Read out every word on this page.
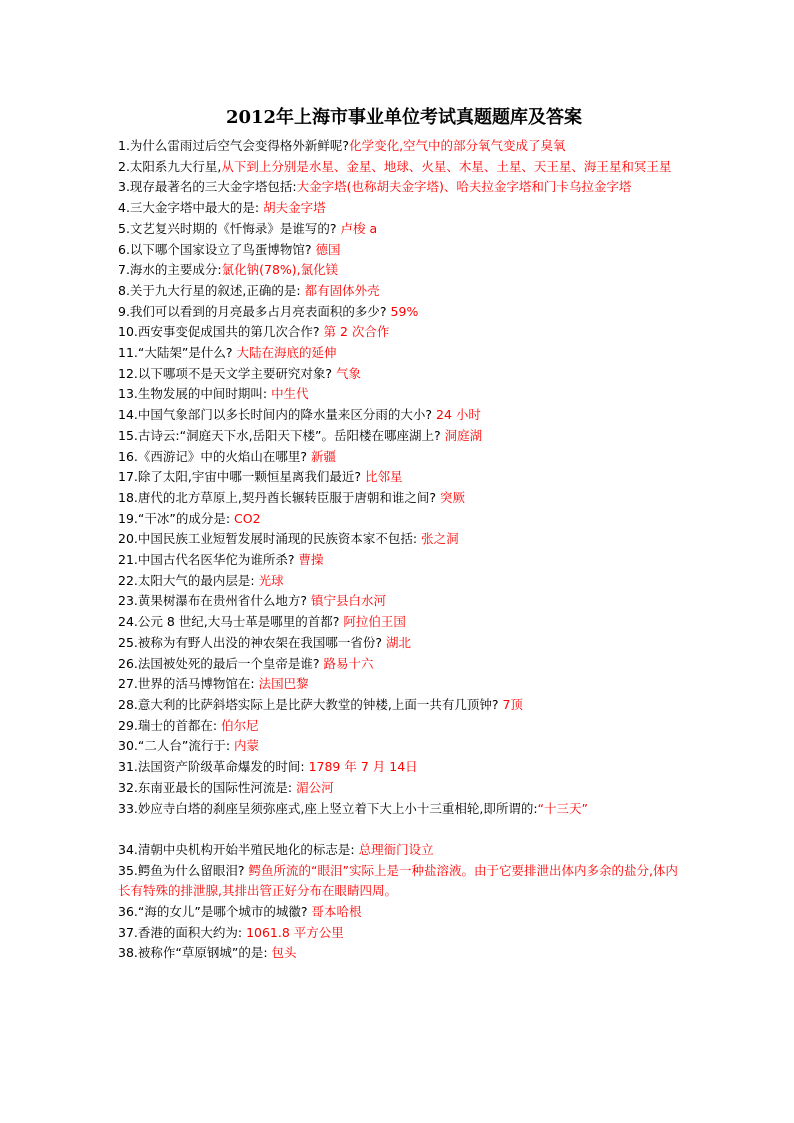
2012年上海市事业单位考试真题题库及答案
1.为什么雷雨过后空气会变得格外新鲜呢?化学变化,空气中的部分氧气变成了臭氧
2.太阳系九大行星,从下到上分别是水星、金星、地球、火星、木星、土星、天王星、海王星和冥王星
3.现存最著名的三大金字塔包括:大金字塔(也称胡夫金字塔)、哈夫拉金字塔和门卡乌拉金字塔
4.三大金字塔中最大的是: 胡夫金字塔
5.文艺复兴时期的《忏悔录》是谁写的? 卢梭 a
6.以下哪个国家设立了鸟蛋博物馆? 德国
7.海水的主要成分:氯化钠(78%),氯化镁
8.关于九大行星的叙述,正确的是: 都有固体外壳
9.我们可以看到的月亮最多占月亮表面积的多少? 59%
10.西安事变促成国共的第几次合作? 第 2 次合作
11.“大陆架”是什么? 大陆在海底的延伸
12.以下哪项不是天文学主要研究对象? 气象
13.生物发展的中间时期叫: 中生代
14.中国气象部门以多长时间内的降水量来区分雨的大小? 24 小时
15.古诗云:“洞庭天下水,岳阳天下楼”。岳阳楼在哪座湖上? 洞庭湖
16.《西游记》中的火焰山在哪里? 新疆
17.除了太阳,宇宙中哪一颗恒星离我们最近? 比邻星
18.唐代的北方草原上,契丹酋长辗转臣服于唐朝和谁之间? 突厥
19.“干冰”的成分是: CO2
20.中国民族工业短暂发展时涌现的民族资本家不包括: 张之洞
21.中国古代名医华佗为谁所杀? 曹操
22.太阳大气的最内层是: 光球
23.黄果树瀑布在贵州省什么地方? 镇宁县白水河
24.公元 8 世纪,大马士革是哪里的首都? 阿拉伯王国
25.被称为有野人出没的神农架在我国哪一省份? 湖北
26.法国被处死的最后一个皇帝是谁? 路易十六
27.世界的活马博物馆在: 法国巴黎
28.意大利的比萨斜塔实际上是比萨大教堂的钟楼,上面一共有几顶钟? 7顶
29.瑞士的首都在: 伯尔尼
30.“二人台”流行于: 内蒙
31.法国资产阶级革命爆发的时间: 1789 年 7 月 14日
32.东南亚最长的国际性河流是: 湄公河
33.妙应寺白塔的刹座呈须弥座式,座上竖立着下大上小十三重相轮,即所谓的:“十三天”
34.清朝中央机构开始半殖民地化的标志是: 总理衙门设立
35.鳄鱼为什么留眼泪? 鳄鱼所流的“眼泪”实际上是一种盐溶液。由于它要排泄出体内多余的盐分,体内长有特殊的排泄腺,其排出管正好分布在眼睛四周。
36.“海的女儿”是哪个城市的城徽? 哥本哈根
37.香港的面积大约为: 1061.8 平方公里
38.被称作“草原钢城”的是: 包头
